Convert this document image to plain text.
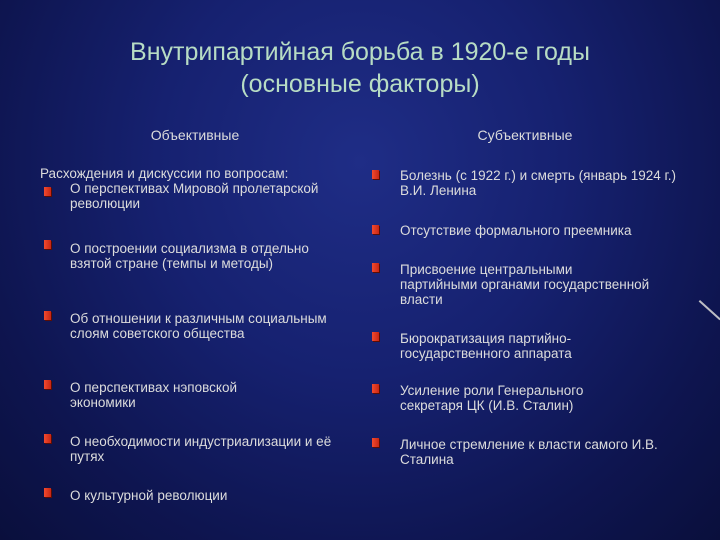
Внутрипартийная борьба в 1920-е годы
(основные факторы)
Объективные	Субъективные
Расхождения и дискуссии по вопросам:
О перспективах Мировой пролетарской революции
О построении социализма в отдельно взятой стране (темпы и методы)
Об отношении к различным социальным слоям советского общества
О перспективах нэповской экономики
О необходимости индустриализации и её путях
О культурной революции
Болезнь (с 1922 г.) и смерть (январь 1924 г.) В.И. Ленина
Отсутствие формального преемника
Присвоение центральными партийными органами государственной власти
Бюрократизация партийно-государственного аппарата
Усиление роли Генерального секретаря ЦК (И.В. Сталин)
Личное стремление к власти самого И.В. Сталина
